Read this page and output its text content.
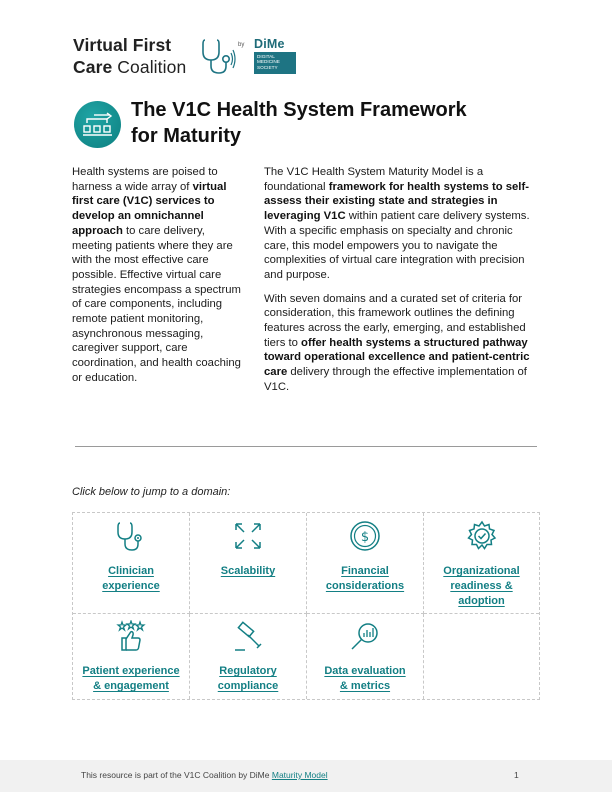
Virtual First
Care Coalition
by DiMe
DIGITAL
MEDICINE
SOCIETY
The V1C Health System Framework
for Maturity

Health systems are poised to harness a wide array of virtual first care (V1C) services to develop an omnichannel approach to care delivery, meeting patients where they are with the most effective care possible. Effective virtual care strategies encompass a spectrum of care components, including remote patient monitoring, asynchronous messaging, caregiver support, care coordination, and health coaching or education.

The V1C Health System Maturity Model is a foundational framework for health systems to self-assess their existing state and strategies in leveraging V1C within patient care delivery systems. With a specific emphasis on specialty and chronic care, this model empowers you to navigate the complexities of virtual care integration with precision and purpose.

With seven domains and a curated set of criteria for consideration, this framework outlines the defining features across the early, emerging, and established tiers to offer health systems a structured pathway toward operational excellence and patient-centric care delivery through the effective implementation of V1C.

Click below to jump to a domain:
Clinician
experience
Scalability
$
Financial
considerations
Organizational
readiness &
adoption
Patient experience
& engagement
Regulatory
compliance
Data evaluation
& metrics
This resource is part of the V1C Coalition by DiMe Maturity Model	1
